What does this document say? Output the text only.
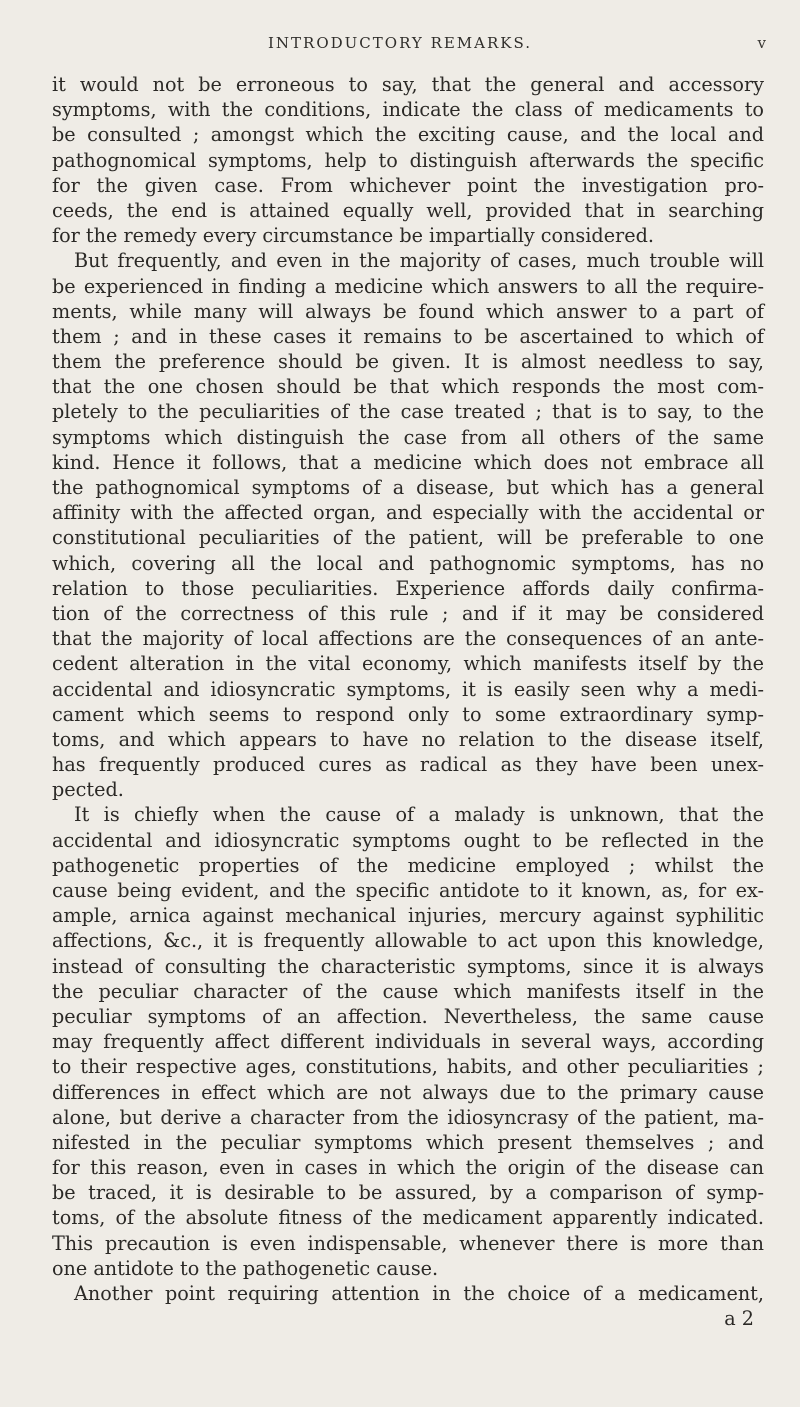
INTRODUCTORY REMARKS.	v
it would not be erroneous to say, that the general and accessory
symptoms, with the conditions, indicate the class of medicaments to
be consulted ; amongst which the exciting cause, and the local and
pathognomical symptoms, help to distinguish afterwards the specific
for the given case. From whichever point the investigation pro-
ceeds, the end is attained equally well, provided that in searching
for the remedy every circumstance be impartially considered.
But frequently, and even in the majority of cases, much trouble will
be experienced in finding a medicine which answers to all the require-
ments, while many will always be found which answer to a part of
them ; and in these cases it remains to be ascertained to which of
them the preference should be given. It is almost needless to say,
that the one chosen should be that which responds the most com-
pletely to the peculiarities of the case treated ; that is to say, to the
symptoms which distinguish the case from all others of the same
kind. Hence it follows, that a medicine which does not embrace all
the pathognomical symptoms of a disease, but which has a general
affinity with the affected organ, and especially with the accidental or
constitutional peculiarities of the patient, will be preferable to one
which, covering all the local and pathognomic symptoms, has no
relation to those peculiarities. Experience affords daily confirma-
tion of the correctness of this rule ; and if it may be considered
that the majority of local affections are the consequences of an ante-
cedent alteration in the vital economy, which manifests itself by the
accidental and idiosyncratic symptoms, it is easily seen why a medi-
cament which seems to respond only to some extraordinary symp-
toms, and which appears to have no relation to the disease itself,
has frequently produced cures as radical as they have been unex-
pected.
It is chiefly when the cause of a malady is unknown, that the
accidental and idiosyncratic symptoms ought to be reflected in the
pathogenetic properties of the medicine employed ; whilst the
cause being evident, and the specific antidote to it known, as, for ex-
ample, arnica against mechanical injuries, mercury against syphilitic
affections, &c., it is frequently allowable to act upon this knowledge,
instead of consulting the characteristic symptoms, since it is always
the peculiar character of the cause which manifests itself in the
peculiar symptoms of an affection. Nevertheless, the same cause
may frequently affect different individuals in several ways, according
to their respective ages, constitutions, habits, and other peculiarities ;
differences in effect which are not always due to the primary cause
alone, but derive a character from the idiosyncrasy of the patient, ma-
nifested in the peculiar symptoms which present themselves ; and
for this reason, even in cases in which the origin of the disease can
be traced, it is desirable to be assured, by a comparison of symp-
toms, of the absolute fitness of the medicament apparently indicated.
This precaution is even indispensable, whenever there is more than
one antidote to the pathogenetic cause.
Another point requiring attention in the choice of a medicament,
a 2
